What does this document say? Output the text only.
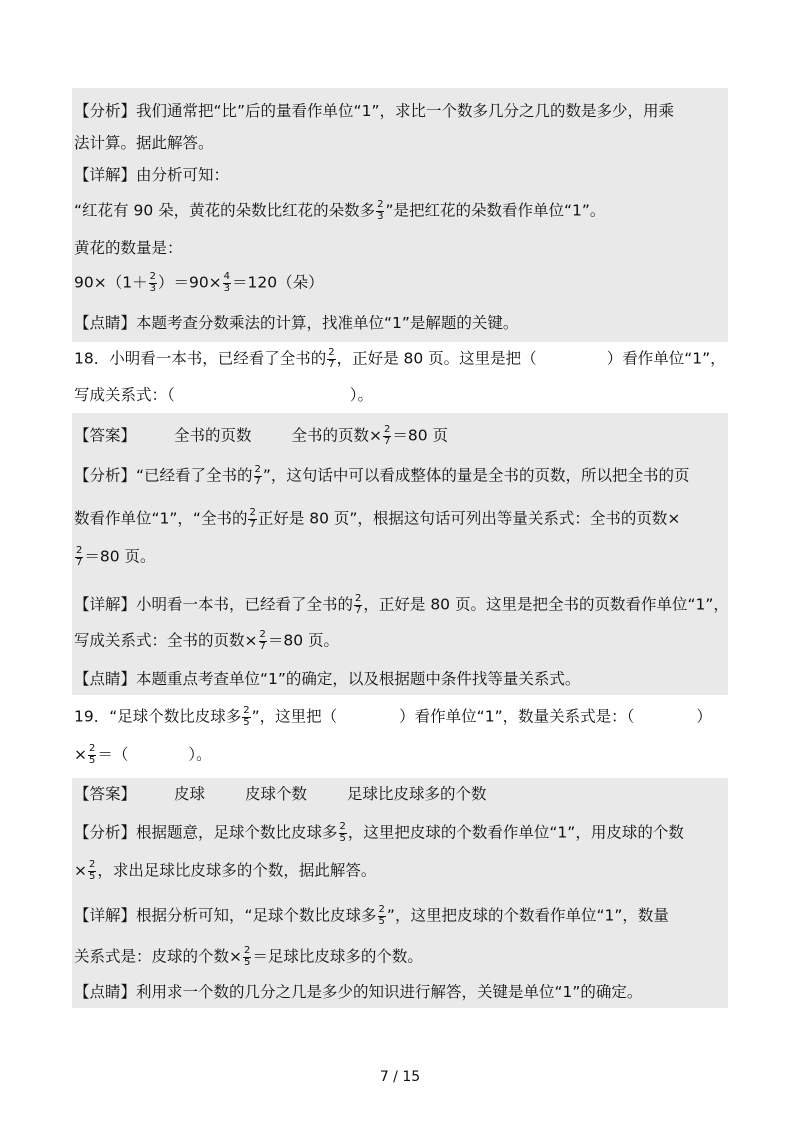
【分析】我们通常把“比”后的量看作单位“1”，求比一个数多几分之几的数是多少，用乘
法计算。据此解答。
【详解】由分析可知：
“红花有 90 朵，黄花的朵数比红花的朵数多 $\frac{2}{3}$ ”是把红花的朵数看作单位“1”。
黄花的数量是：
$90\times(1+ \frac{2}{3} )=90\times \frac{4}{3} =120$（朵）
【点睛】本题考查分数乘法的计算，找准单位“1”是解题的关键。
18．小明看一本书，已经看了全书的 $\frac{2}{7}$ ，正好是 80 页。这里是把（	）看作单位“1”，
写成关系式：（	）。
【答案】 全书的页数	全书的页数× $\frac{2}{7} =80$ 页
【分析】“已经看了全书的 $\frac{2}{7}$ ”，这句话中可以看成整体的量是全书的页数，所以把全书的页
数看作单位“1”，“全书的 $\frac{2}{7}$ 正好是 80 页”，根据这句话可列出等量关系式：全书的页数×
$\frac{2}{7} =80$ 页。
【详解】小明看一本书，已经看了全书的 $\frac{2}{7}$ ，正好是 80 页。这里是把全书的页数看作单位“1”，
写成关系式：全书的页数× $\frac{2}{7} =80$ 页。
【点睛】本题重点考查单位“1”的确定，以及根据题中条件找等量关系式。
19．“足球个数比皮球多 $\frac{2}{5}$ ”，这里把（	）看作单位“1”，数量关系式是：（	）
× $\frac{2}{5}$ ＝（	）。
【答案】 皮球	皮球个数	足球比皮球多的个数
【分析】根据题意，足球个数比皮球多 $\frac{2}{5}$ ，这里把皮球的个数看作单位“1”，用皮球的个数
× $\frac{2}{5}$ ，求出足球比皮球多的个数，据此解答。
【详解】根据分析可知，“足球个数比皮球多 $\frac{2}{5}$ ”，这里把皮球的个数看作单位“1”，数量
关系式是：皮球的个数× $\frac{2}{5}$ ＝足球比皮球多的个数。
【点睛】利用求一个数的几分之几是多少的知识进行解答，关键是单位“1”的确定。
7 / 15
